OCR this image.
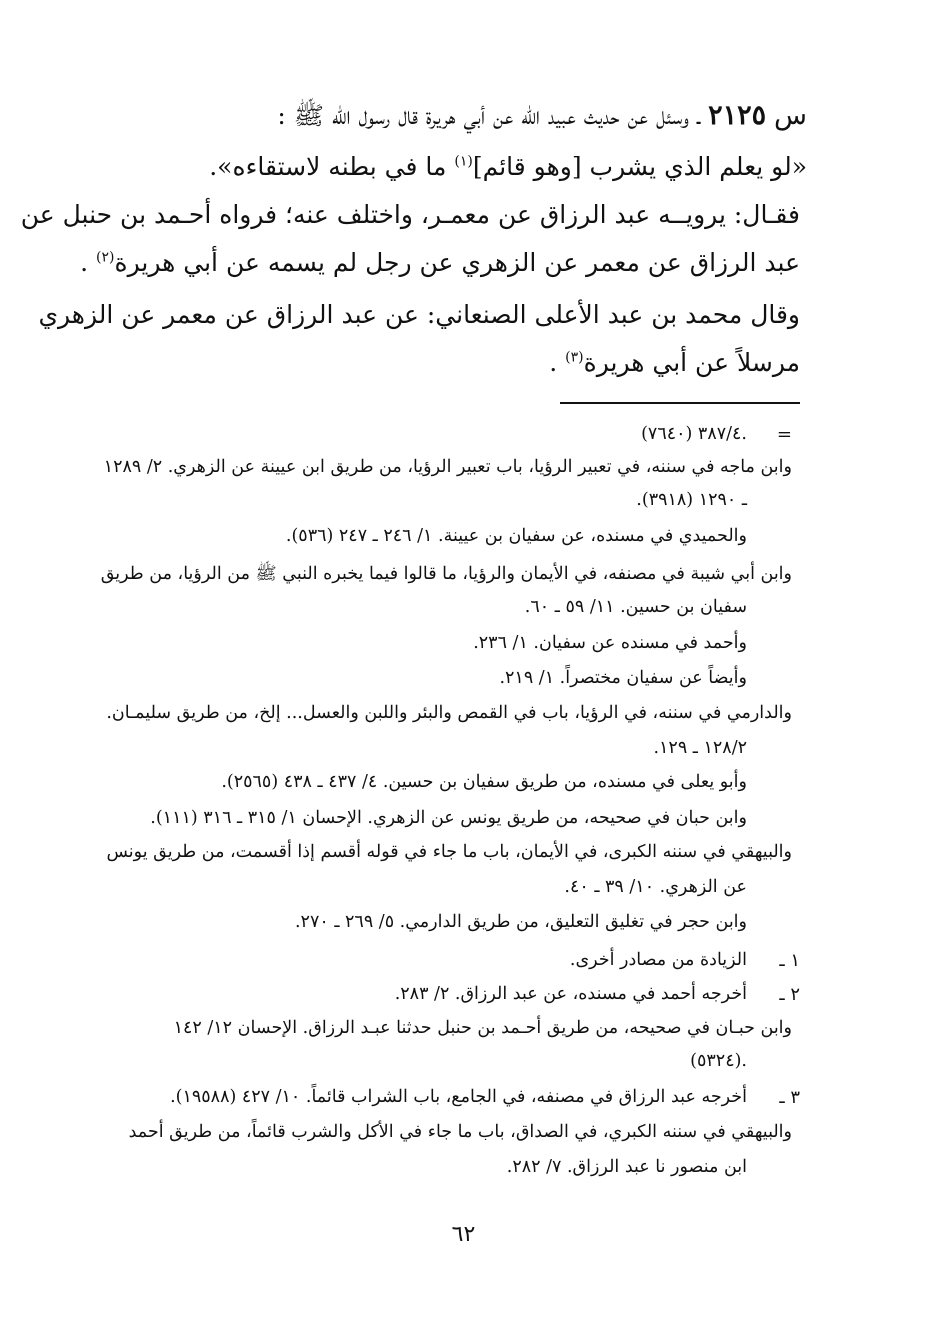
س ٢١٢٥ ـ وسئل عن حديث عبيد الله عن أبي هريرة قال رسول الله ﷺ :
«لو يعلم الذي يشرب [وهو قائم]$^{(١)}$ ما في بطنه لاستقاءه».
فقـال: يرويــه عبد الرزاق عن معمـر، واختلف عنه؛ فرواه أحـمد بن حنبل عن
عبد الرزاق عن معمر عن الزهري عن رجل لم يسمه عن أبي هريرة$^{(٢)}$ .
وقال محمد بن عبد الأعلى الصنعاني: عن عبد الرزاق عن معمر عن الزهري
مرسلاً عن أبي هريرة$^{(٣)}$ .
=
٣٨٧/٤ (٧٦٤٠).
وابن ماجه في سننه، في تعبير الرؤيا، باب تعبير الرؤيا، من طريق ابن عيينة عن الزهري. ٢/ ١٢٨٩
ـ ١٢٩٠ (٣٩١٨).
والحميدي في مسنده، عن سفيان بن عيينة. ١/ ٢٤٦ ـ ٢٤٧ (٥٣٦).
وابن أبي شيبة في مصنفه، في الأيمان والرؤيا، ما قالوا فيما يخبره النبي ﷺ من الرؤيا، من طريق
سفيان بن حسين. ١١/ ٥٩ ـ ٦٠.
وأحمد في مسنده عن سفيان. ١/ ٢٣٦.
وأيضاً عن سفيان مختصراً. ١/ ٢١٩.
والدارمي في سننه، في الرؤيا، باب في القمص والبئر واللبن والعسل... إلخ، من طريق سليمـان.
١٢٨/٢ ـ ١٢٩.
وأبو يعلى في مسنده، من طريق سفيان بن حسين. ٤/ ٤٣٧ ـ ٤٣٨ (٢٥٦٥).
وابن حبان في صحيحه، من طريق يونس عن الزهري. الإحسان ١/ ٣١٥ ـ ٣١٦ (١١١).
والبيهقي في سننه الكبرى، في الأيمان، باب ما جاء في قوله أقسم إذا أقسمت، من طريق يونس
عن الزهري. ١٠/ ٣٩ ـ ٤٠.
وابن حجر في تغليق التعليق، من طريق الدارمي. ٥/ ٢٦٩ ـ ٢٧٠.
١ ـ
الزيادة من مصادر أخرى.
٢ ـ
أخرجه أحمد في مسنده، عن عبد الرزاق. ٢/ ٢٨٣.
وابن حبـان في صحيحه، من طريق أحـمد بن حنبل حدثنا عبـد الرزاق. الإحسان ١٢/ ١٤٢
(٥٣٢٤).
٣ ـ
أخرجه عبد الرزاق في مصنفه، في الجامع، باب الشراب قائماً. ١٠/ ٤٢٧ (١٩٥٨٨).
والبيهقي في سننه الكبري، في الصداق، باب ما جاء في الأكل والشرب قائماً، من طريق أحمد
ابن منصور نا عبد الرزاق. ٧/ ٢٨٢.
٦٢
